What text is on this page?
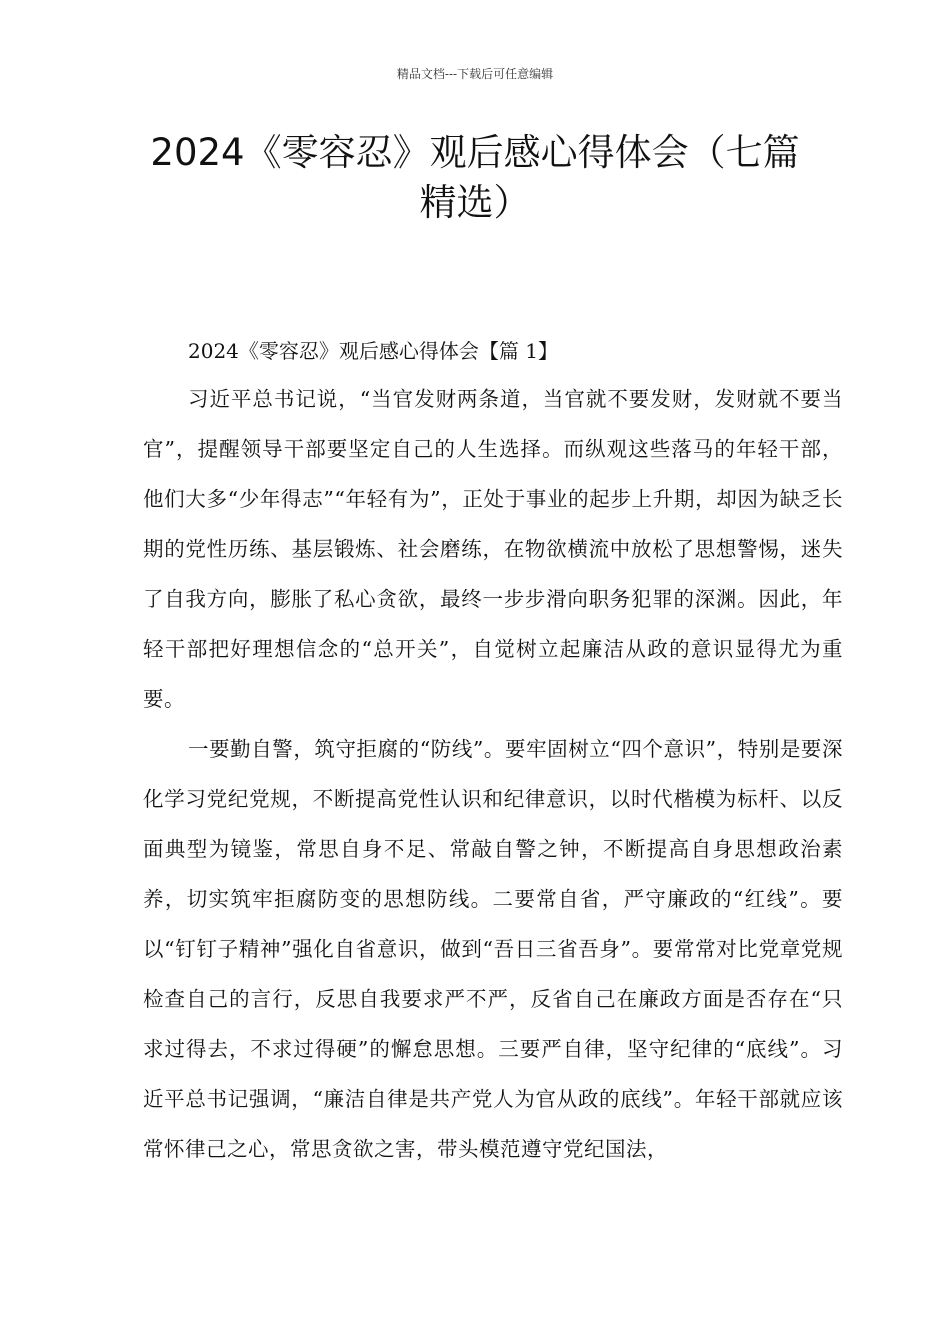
精品文档---下载后可任意编辑
2024《零容忍》观后感心得体会（七篇精选）
2024《零容忍》观后感心得体会【篇 1】

习近平总书记说，“当官发财两条道，当官就不要发财，发财就不要当官”，提醒领导干部要坚定自己的人生选择。而纵观这些落马的年轻干部，他们大多“少年得志”“年轻有为”，正处于事业的起步上升期，却因为缺乏长期的党性历练、基层锻炼、社会磨练，在物欲横流中放松了思想警惕，迷失了自我方向，膨胀了私心贪欲，最终一步步滑向职务犯罪的深渊。因此，年轻干部把好理想信念的“总开关”，自觉树立起廉洁从政的意识显得尤为重要。

一要勤自警，筑守拒腐的“防线”。要牢固树立“四个意识”，特别是要深化学习党纪党规，不断提高党性认识和纪律意识，以时代楷模为标杆、以反面典型为镜鉴，常思自身不足、常敲自警之钟，不断提高自身思想政治素养，切实筑牢拒腐防变的思想防线。二要常自省，严守廉政的“红线”。要以“钉钉子精神”强化自省意识，做到“吾日三省吾身”。要常常对比党章党规检查自己的言行，反思自我要求严不严，反省自己在廉政方面是否存在“只求过得去，不求过得硬”的懈怠思想。三要严自律，坚守纪律的“底线”。习近平总书记强调，“廉洁自律是共产党人为官从政的底线”。年轻干部就应该常怀律己之心，常思贪欲之害，带头模范遵守党纪国法，
